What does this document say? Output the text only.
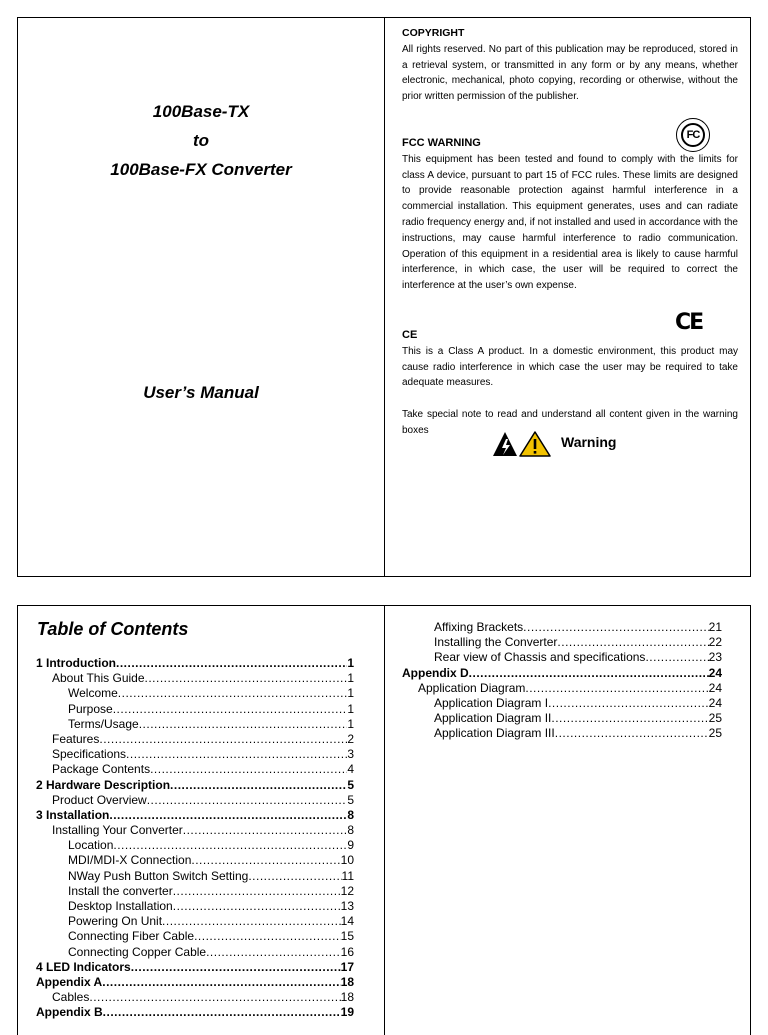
100Base-TX
to
100Base-FX Converter
User’s Manual
COPYRIGHT

All rights reserved. No part of this publication may be reproduced, stored in a retrieval system, or transmitted in any form or by any means, whether electronic, mechanical, photo copying, recording or otherwise, without the prior written permission of the publisher.

FCC WARNING

This equipment has been tested and found to comply with the limits for class A device, pursuant to part 15 of FCC rules. These limits are designed to provide reasonable protection against harmful interference in a commercial installation. This equipment generates, uses and can radiate radio frequency energy and, if not installed and used in accordance with the instructions, may cause harmful interference to radio communication. Operation of this equipment in a residential area is likely to cause harmful interference, in which case, the user will be required to correct the interference at the user’s own expense.

FC
CE

This is a Class A product. In a domestic environment, this product may cause radio interference in which case the user may be required to take adequate measures.

CE

Take special note to read and understand all content given in the warning boxes

Warning
Table of Contents
1 Introduction .....	1
About This Guide .....	1
Welcome .....	1
Purpose .....	1
Terms/Usage .....	1
Features .....	2
Specifications .....	3
Package Contents .....	4
2 Hardware Description .....	5
Product Overview .....	5
3 Installation .....	8
Installing Your Converter .....	8
Location .....	9
MDI/MDI-X Connection .....	10
NWay Push Button Switch Setting .....	11
Install the converter .....	12
Desktop Installation .....	13
Powering On Unit .....	14
Connecting Fiber Cable .....	15
Connecting Copper Cable .....	16
4 LED Indicators .....	17
Appendix A .....	18
Cables .....	18
Appendix B .....	19
Affixing Brackets .....	21
Installing the Converter .....	22
Rear view of Chassis and specifications .....	23
Appendix D .....	24
Application Diagram .....	24
Application Diagram I .....	24
Application Diagram II .....	25
Application Diagram III .....	25
